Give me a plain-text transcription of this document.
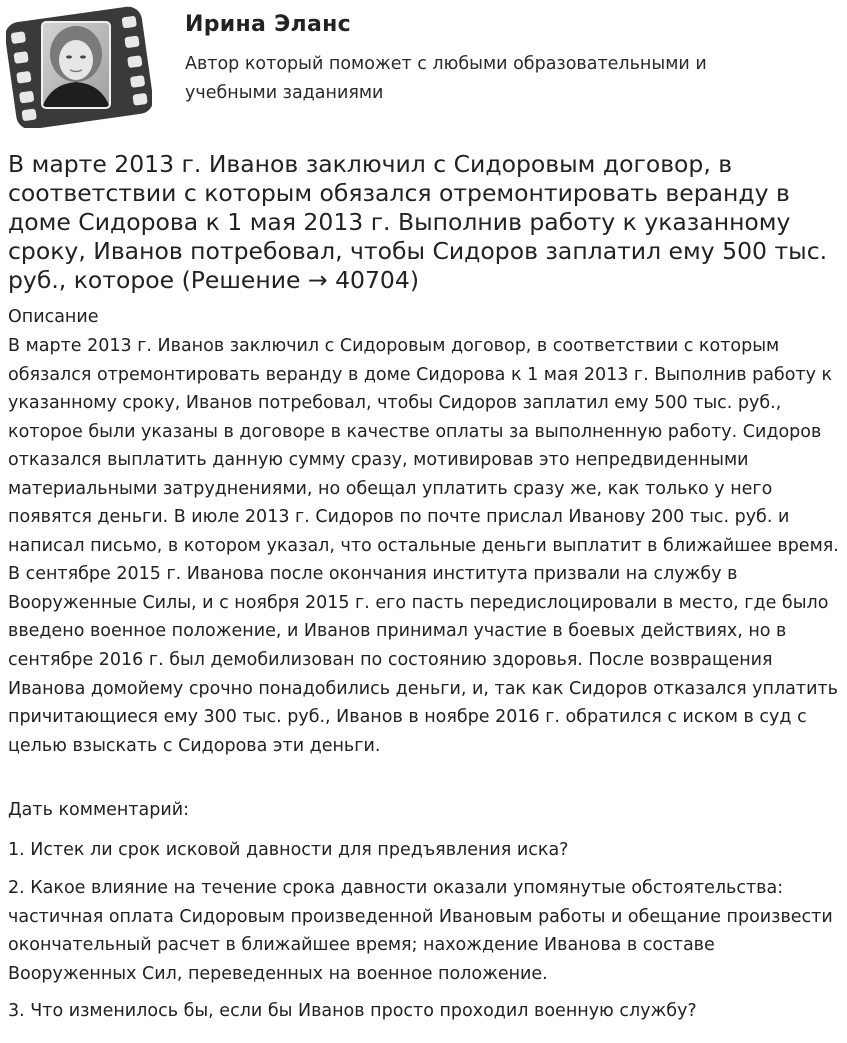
Ирина Эланс
Автор который поможет с любыми образовательными и учебными заданиями
В марте 2013 г. Иванов заключил с Сидоровым договор, в соответствии с которым обязался отремонтировать веранду в доме Сидорова к 1 мая 2013 г. Выполнив работу к указанному сроку, Иванов потребовал, чтобы Сидоров заплатил ему 500 тыс. руб., которое (Решение → 40704)
Описание

В марте 2013 г. Иванов заключил с Сидоровым договор, в соответствии с которым обязался отремонтировать веранду в доме Сидорова к 1 мая 2013 г. Выполнив работу к указанному сроку, Иванов потребовал, чтобы Сидоров заплатил ему 500 тыс. руб., которое были указаны в договоре в качестве оплаты за выполненную работу. Сидоров отказался выплатить данную сумму сразу, мотивировав это непредвиденными материальными затруднениями, но обещал уплатить сразу же, как только у него появятся деньги. В июле 2013 г. Сидоров по почте прислал Иванову 200 тыс. руб. и написал письмо, в котором указал, что остальные деньги выплатит в ближайшее время. В сентябре 2015 г. Иванова после окончания института призвали на службу в Вооруженные Силы, и с ноября 2015 г. его пасть передислоцировали в место, где было введено военное положение, и Иванов принимал участие в боевых действиях, но в сентябре 2016 г. был демобилизован по состоянию здоровья. После возвращения Иванова домойему срочно понадобились деньги, и, так как Сидоров отказался уплатить причитающиеся ему 300 тыс. руб., Иванов в ноябре 2016 г. обратился с иском в суд с целью взыскать с Сидорова эти деньги.

Дать комментарий:

1. Истек ли срок исковой давности для предъявления иска?

2. Какое влияние на течение срока давности оказали упомянутые обстоятельства: частичная оплата Сидоровым произведенной Ивановым работы и обещание произвести окончательный расчет в ближайшее время; нахождение Иванова в составе Вооруженных Сил, переведенных на военное положение.

3. Что изменилось бы, если бы Иванов просто проходил военную службу?
